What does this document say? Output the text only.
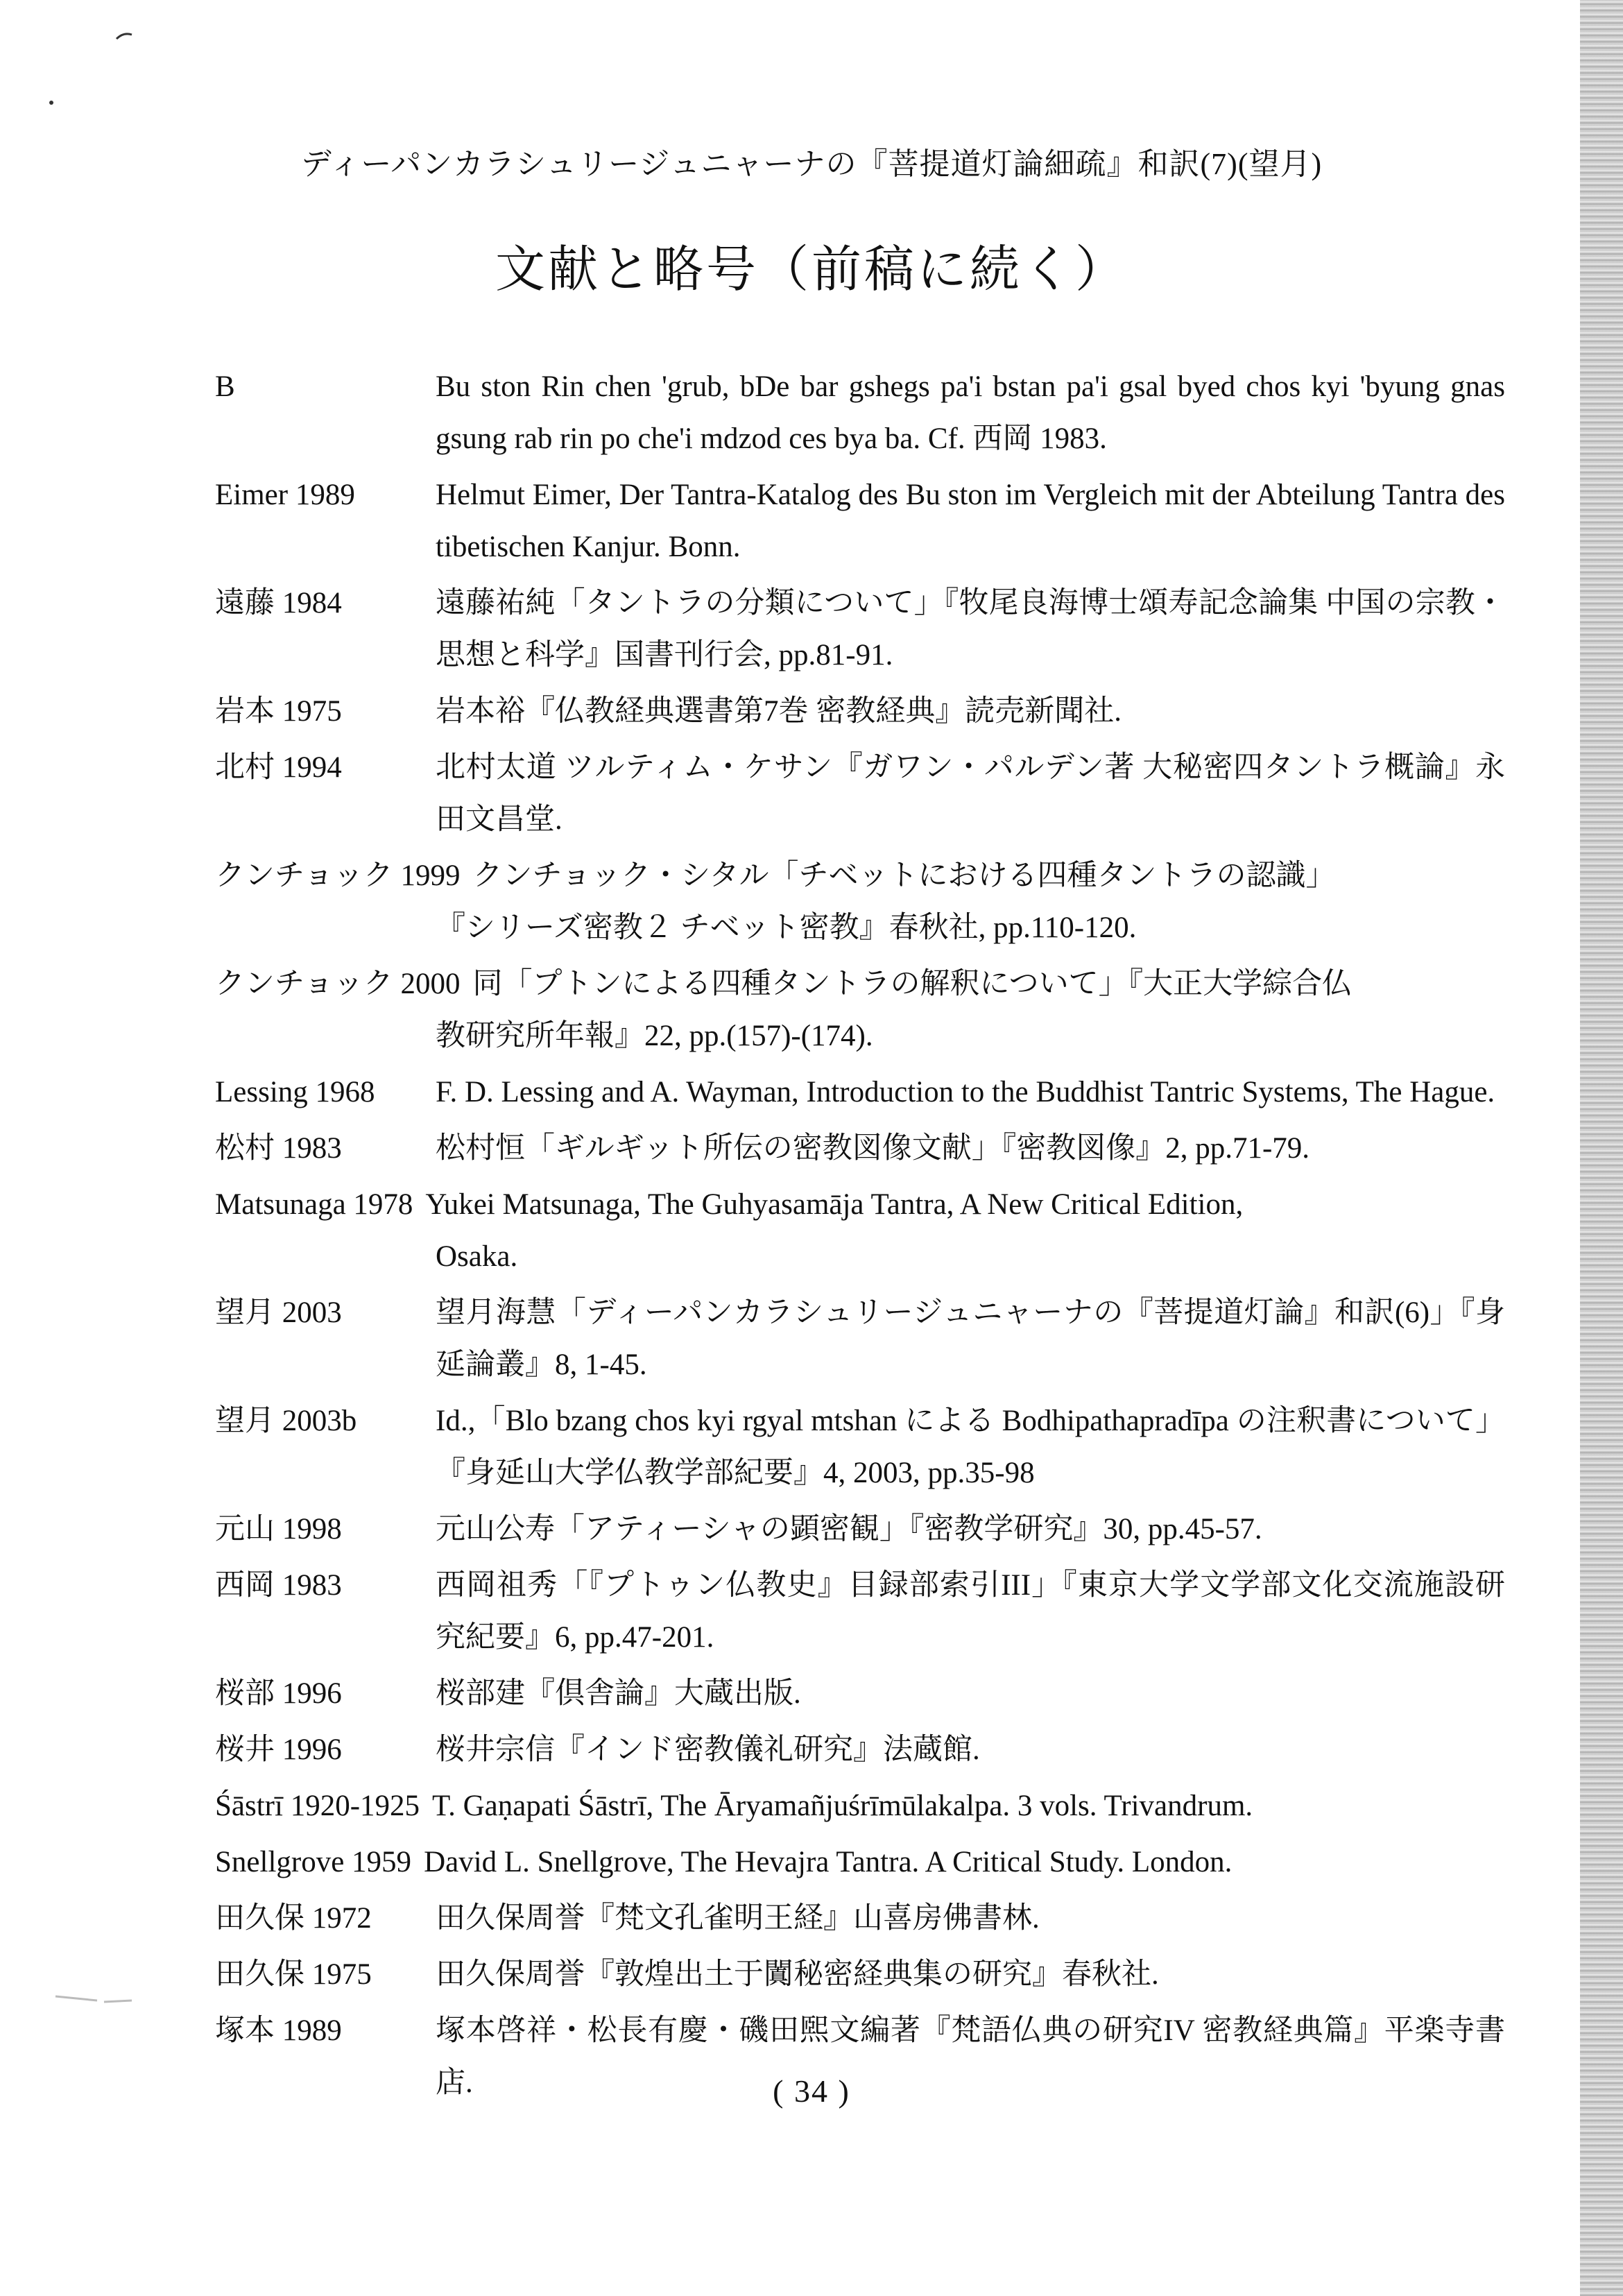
ディーパンカラシュリージュニャーナの『菩提道灯論細疏』和訳(7)(望月)
文献と略号（前稿に続く）
B	Bu ston Rin chen 'grub, bDe bar gshegs pa'i bstan pa'i gsal byed chos kyi 'byung gnas gsung rab rin po che'i mdzod ces bya ba. Cf. 西岡 1983.
Eimer 1989	Helmut Eimer, Der Tantra-Katalog des Bu ston im Vergleich mit der Abteilung Tantra des tibetischen Kanjur. Bonn.
遠藤 1984	遠藤祐純「タントラの分類について」『牧尾良海博士頌寿記念論集 中国の宗教・思想と科学』国書刊行会, pp.81-91.
岩本 1975	岩本裕『仏教経典選書第7巻 密教経典』読売新聞社.
北村 1994	北村太道 ツルティム・ケサン『ガワン・パルデン著 大秘密四タントラ概論』永田文昌堂.
クンチョック 1999 クンチョック・シタル「チベットにおける四種タントラの認識」
『シリーズ密教２ チベット密教』春秋社, pp.110-120.
クンチョック 2000 同「プトンによる四種タントラの解釈について」『大正大学綜合仏
教研究所年報』22, pp.(157)-(174).
Lessing 1968	F. D. Lessing and A. Wayman, Introduction to the Buddhist Tantric Systems, The Hague.
松村 1983	松村恒「ギルギット所伝の密教図像文献」『密教図像』2, pp.71-79.
Matsunaga 1978 Yukei Matsunaga, The Guhyasamāja Tantra, A New Critical Edition,
Osaka.
望月 2003	望月海慧「ディーパンカラシュリージュニャーナの『菩提道灯論』和訳(6)」『身延論叢』8, 1-45.
望月 2003b	Id.,「Blo bzang chos kyi rgyal mtshan による Bodhipathapradīpa の注釈書について」『身延山大学仏教学部紀要』4, 2003, pp.35-98
元山 1998	元山公寿「アティーシャの顕密観」『密教学研究』30, pp.45-57.
西岡 1983	西岡祖秀「『プトゥン仏教史』目録部索引III」『東京大学文学部文化交流施設研究紀要』6, pp.47-201.
桜部 1996	桜部建『倶舎論』大蔵出版.
桜井 1996	桜井宗信『インド密教儀礼研究』法蔵館.
Śāstrī 1920-1925 T. Gaṇapati Śāstrī, The Āryamañjuśrīmūlakalpa. 3 vols. Trivandrum.
Snellgrove 1959 David L. Snellgrove, The Hevajra Tantra. A Critical Study. London.
田久保 1972	田久保周誉『梵文孔雀明王経』山喜房佛書林.
田久保 1975	田久保周誉『敦煌出土于闐秘密経典集の研究』春秋社.
塚本 1989	塚本啓祥・松長有慶・磯田煕文編著『梵語仏典の研究IV 密教経典篇』平楽寺書店.	( 34 )
